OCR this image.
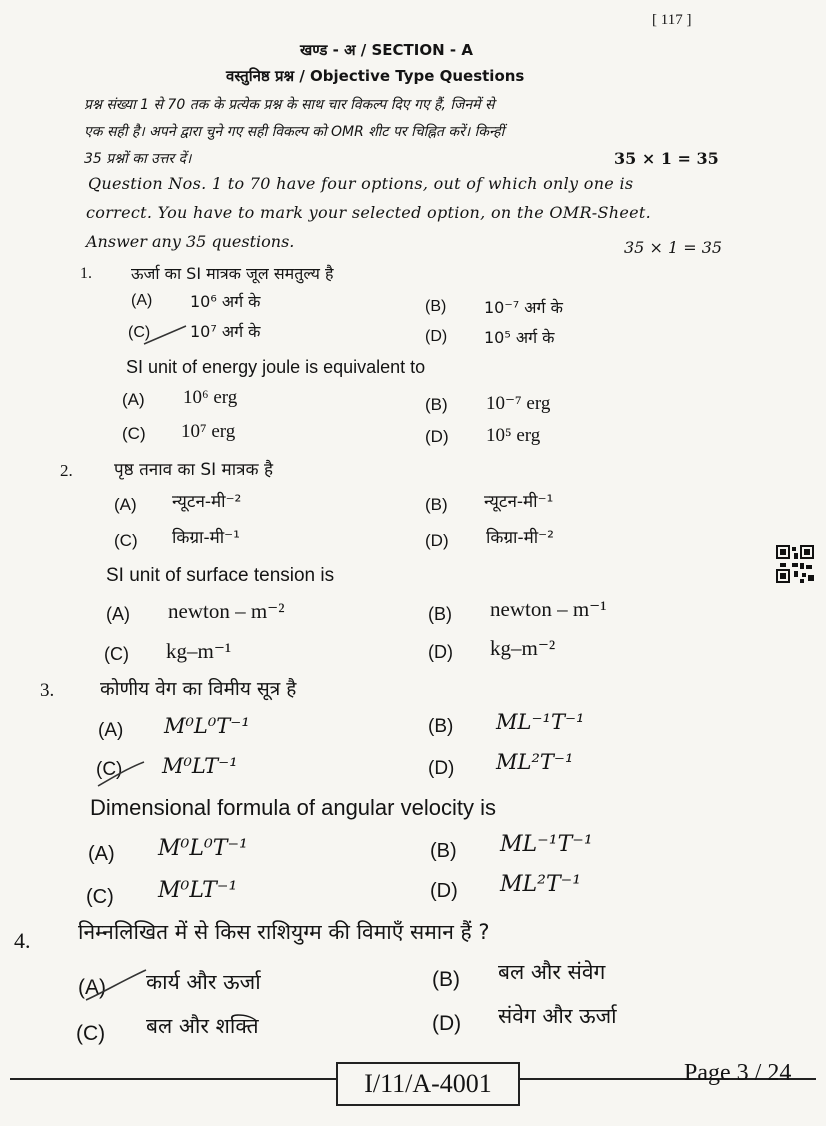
[ 117 ]
खण्ड - अ / SECTION - A
वस्तुनिष्ठ प्रश्न / Objective Type Questions
प्रश्न संख्या 1 से 70 तक के प्रत्येक प्रश्न के साथ चार विकल्प दिए गए हैं, जिनमें से
एक सही है। अपने द्वारा चुने गए सही विकल्प को OMR शीट पर चिह्नित करें। किन्हीं
35 प्रश्नों का उत्तर दें।	35 × 1 = 35
Question Nos. 1 to 70 have four options, out of which only one is
correct. You have to mark your selected option, on the OMR-Sheet.
Answer any 35 questions.	35 × 1 = 35
1. ऊर्जा का SI मात्रक जूल समतुल्य है
(A) 10⁶ अर्ग के	(B) 10⁻⁷ अर्ग के
(C) 10⁷ अर्ग के	(D) 10⁵ अर्ग के
SI unit of energy joule is equivalent to
(A) 10⁶ erg	(B) 10⁻⁷ erg
(C) 10⁷ erg	(D) 10⁵ erg
2. पृष्ठ तनाव का SI मात्रक है
(A) न्यूटन-मी⁻²	(B) न्यूटन-मी⁻¹
(C) किग्रा-मी⁻¹	(D) किग्रा-मी⁻²
SI unit of surface tension is
(A) newton – m⁻²	(B) newton – m⁻¹
(C) kg–m⁻¹	(D) kg–m⁻²
3. कोणीय वेग का विमीय सूत्र है
(A) M⁰L⁰T⁻¹	(B) ML⁻¹T⁻¹
(C) M⁰LT⁻¹	(D) ML²T⁻¹
Dimensional formula of angular velocity is
(A) M⁰L⁰T⁻¹	(B) ML⁻¹T⁻¹
(C) M⁰LT⁻¹	(D) ML²T⁻¹
4. निम्नलिखित में से किस राशियुग्म की विमाएँ समान हैं ?
(A) कार्य और ऊर्जा	(B) बल और संवेग
(C) बल और शक्ति	(D) संवेग और ऊर्जा
I/11/A-4001	Page 3 / 24
